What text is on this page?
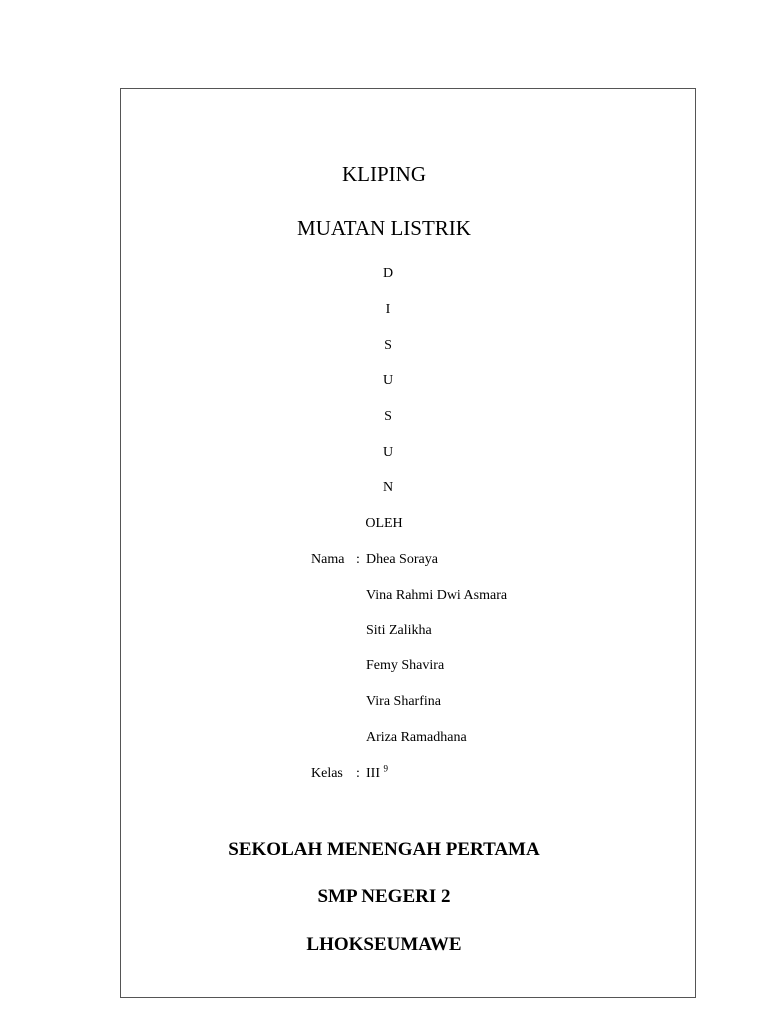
KLIPING
MUATAN LISTRIK
D
I
S
U
S
U
N
OLEH
Nama : Dhea Soraya
Vina Rahmi Dwi Asmara
Siti Zalikha
Femy Shavira
Vira Sharfina
Ariza Ramadhana
Kelas : III $^9$
SEKOLAH MENENGAH PERTAMA
SMP NEGERI 2
LHOKSEUMAWE
